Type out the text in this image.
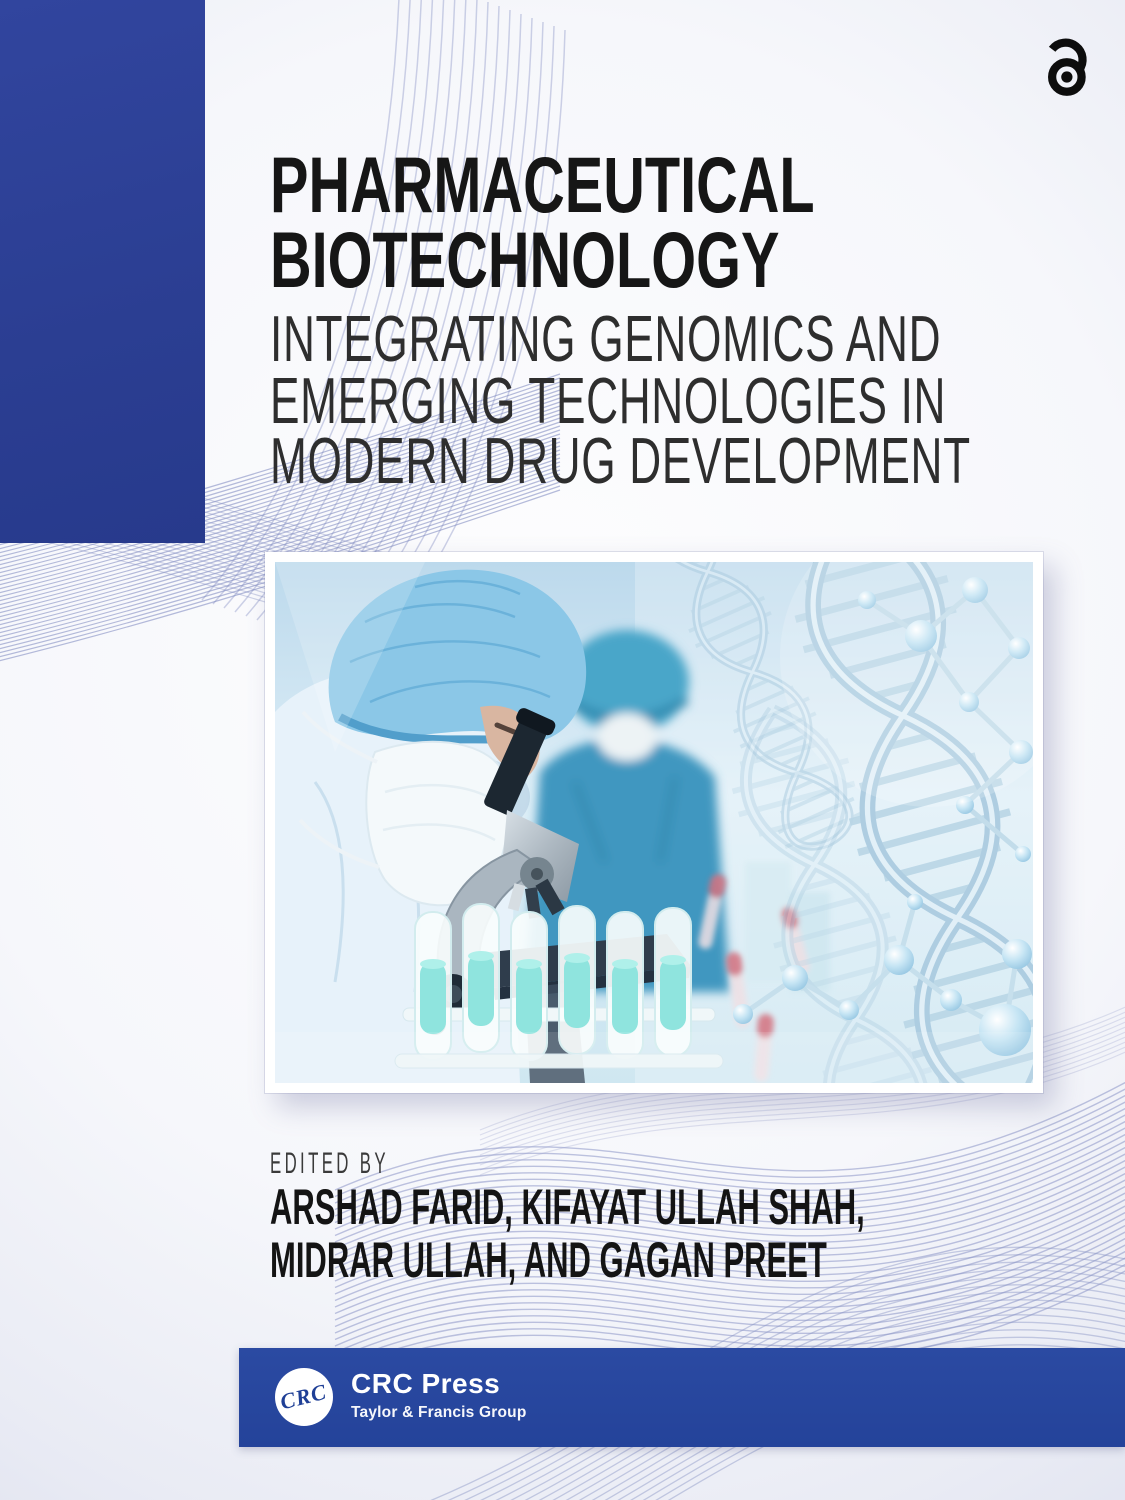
PHARMACEUTICAL
BIOTECHNOLOGY
INTEGRATING GENOMICS AND
EMERGING TECHNOLOGIES IN
MODERN DRUG DEVELOPMENT
EDITED BY
ARSHAD FARID, KIFAYAT ULLAH SHAH,
MIDRAR ULLAH, AND GAGAN PREET
CRC CRC Press
Taylor & Francis Group
